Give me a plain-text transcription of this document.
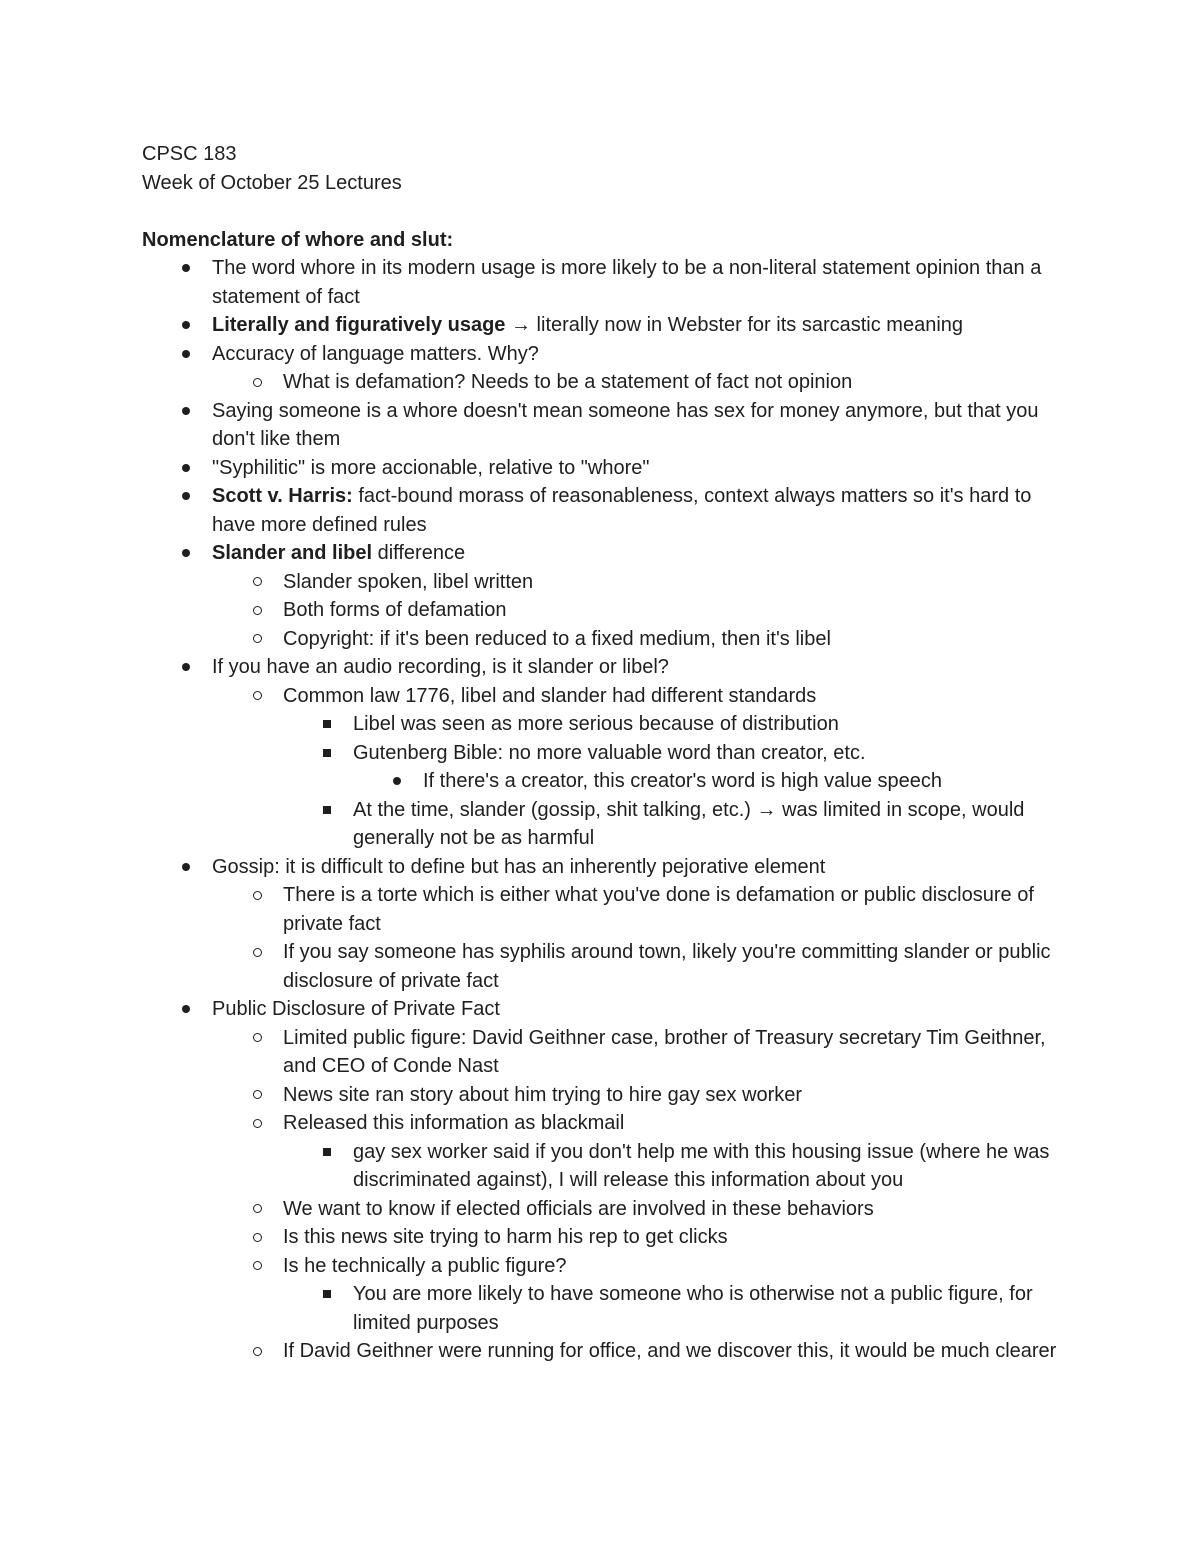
CPSC 183

Week of October 25 Lectures

Nomenclature of whore and slut:

The word whore in its modern usage is more likely to be a non-literal statement opinion than a statement of fact
Literally and figuratively usage → literally now in Webster for its sarcastic meaning
Accuracy of language matters. Why?
What is defamation? Needs to be a statement of fact not opinion
Saying someone is a whore doesn't mean someone has sex for money anymore, but that you don't like them
"Syphilitic" is more accionable, relative to "whore"
Scott v. Harris: fact-bound morass of reasonableness, context always matters so it's hard to have more defined rules
Slander and libel difference
Slander spoken, libel written
Both forms of defamation
Copyright: if it's been reduced to a fixed medium, then it's libel
If you have an audio recording, is it slander or libel?
Common law 1776, libel and slander had different standards
Libel was seen as more serious because of distribution
Gutenberg Bible: no more valuable word than creator, etc.
If there's a creator, this creator's word is high value speech
At the time, slander (gossip, shit talking, etc.) → was limited in scope, would generally not be as harmful
Gossip: it is difficult to define but has an inherently pejorative element
There is a torte which is either what you've done is defamation or public disclosure of private fact
If you say someone has syphilis around town, likely you're committing slander or public disclosure of private fact
Public Disclosure of Private Fact
Limited public figure: David Geithner case, brother of Treasury secretary Tim Geithner, and CEO of Conde Nast
News site ran story about him trying to hire gay sex worker
Released this information as blackmail
gay sex worker said if you don't help me with this housing issue (where he was discriminated against), I will release this information about you
We want to know if elected officials are involved in these behaviors
Is this news site trying to harm his rep to get clicks
Is he technically a public figure?
You are more likely to have someone who is otherwise not a public figure, for limited purposes
If David Geithner were running for office, and we discover this, it would be much clearer
